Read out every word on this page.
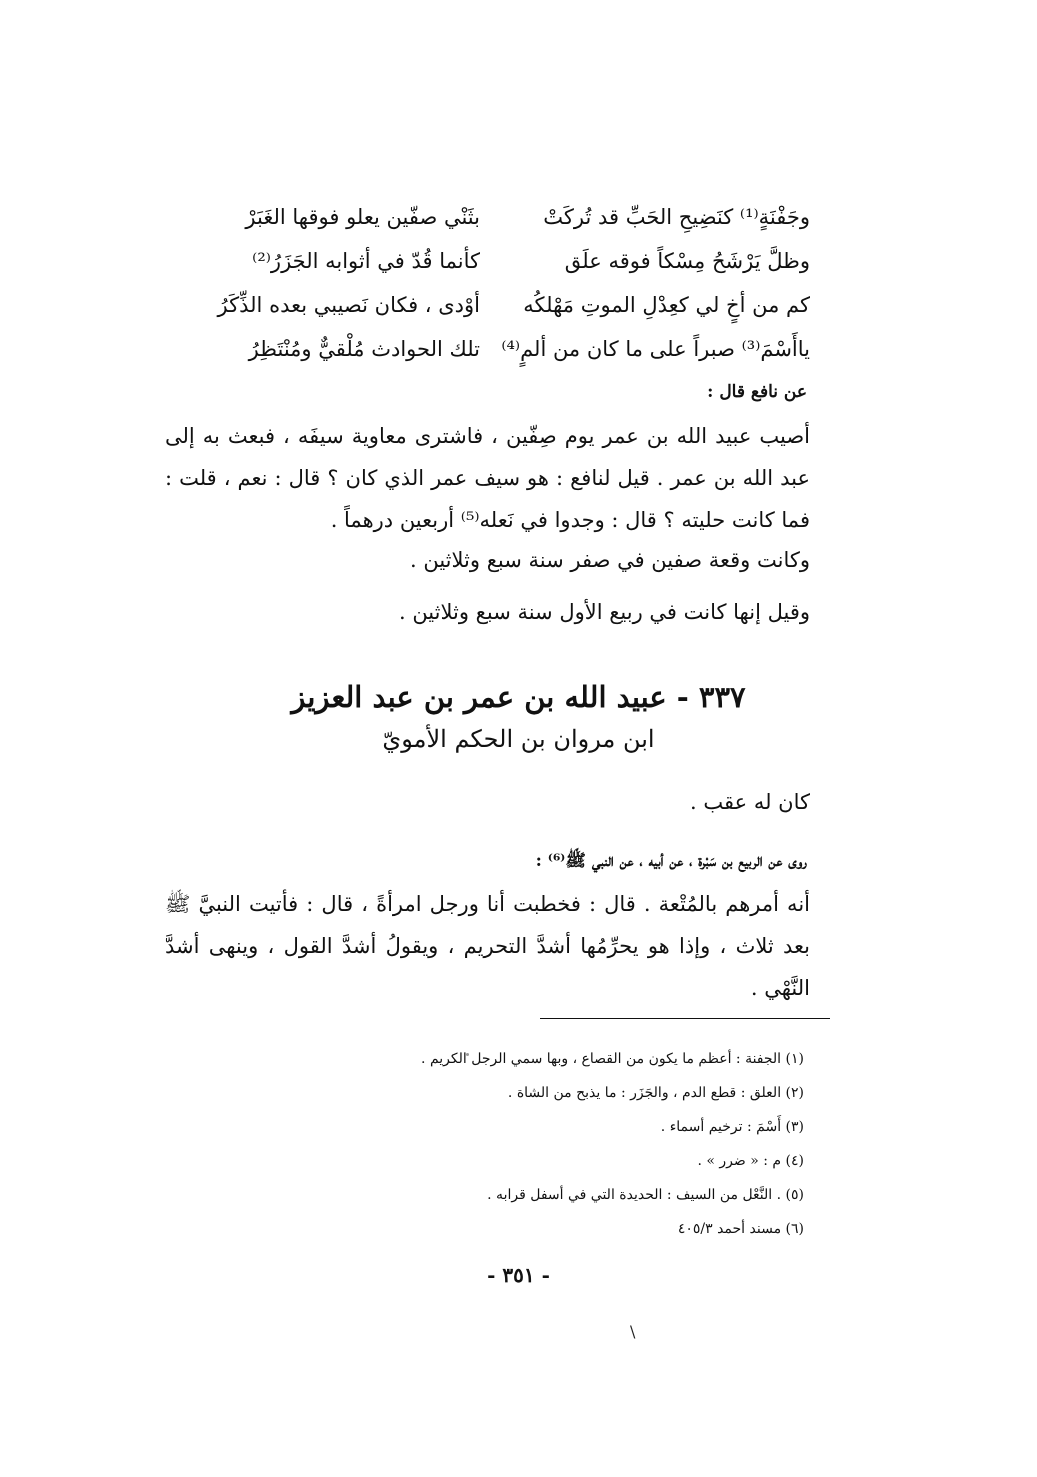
وجَفْنَةٍ⁽¹⁾ كنَضِيحِ الحَبِّ قد تُركَتْ
بثَنْي صفّين يعلو فوقها الغَبَرْ
وظلَّ يَرْشَحُ مِسْكاً فوقه علَق
كأنما قُدّ في أثوابه الجَزَرُ⁽²⁾
كم من أخٍ لي كعِدْلِ الموتِ مَهْلكُه
أوْدى ، فكان نَصيبي بعده الذِّكَرُ
ياأَسْمَ⁽³⁾ صبراً على ما كان من ألمٍ⁽⁴⁾
تلك الحوادث مُلْقيٌّ ومُنْتَظِرُ
عن نافع قال :
أصيب عبيد الله بن عمر يوم صِفّين ، فاشترى معاوية سيفَه ، فبعث به إلى عبد الله بن عمر . قيل لنافع : هو سيف عمر الذي كان ؟ قال : نعم ، قلت : فما كانت حليته ؟ قال : وجدوا في نَعله⁽⁵⁾ أربعين درهماً .
وكانت وقعة صفين في صفر سنة سبع وثلاثين .
وقيل إنها كانت في ربيع الأول سنة سبع وثلاثين .
٣٣٧ - عبيد الله بن عمر بن عبد العزيز
ابن مروان بن الحكم الأمويّ
كان له عقب .
روى عن الربيع بن سَبْرة ، عن أبيه ، عن النبي ﷺ⁽⁶⁾ :
أنه أمرهم بالمُتْعة . قال : فخطبت أنا ورجل امرأةً ، قال : فأتيت النبيَّ ﷺ بعد ثلاث ، وإذا هو يحرِّمُها أشدَّ التحريم ، ويقولُ أشدَّ القول ، وينهى أشدَّ النَّهْي .
(١) الجفنة : أعظم ما يكون من القصاع ، وبها سمي الرجل الكريم .
(٢) العلق : قطع الدم ، والجَزَر : ما يذبح من الشاة .
(٣) أَسْمَ : ترخيم أسماء .
(٤) م : « ضرر » .
(٥) . النَّعْل من السيف : الحديدة التي في أسفل قرابه .
(٦) مسند أحمد ٤٠٥/٣
- ٣٥١ -
\
